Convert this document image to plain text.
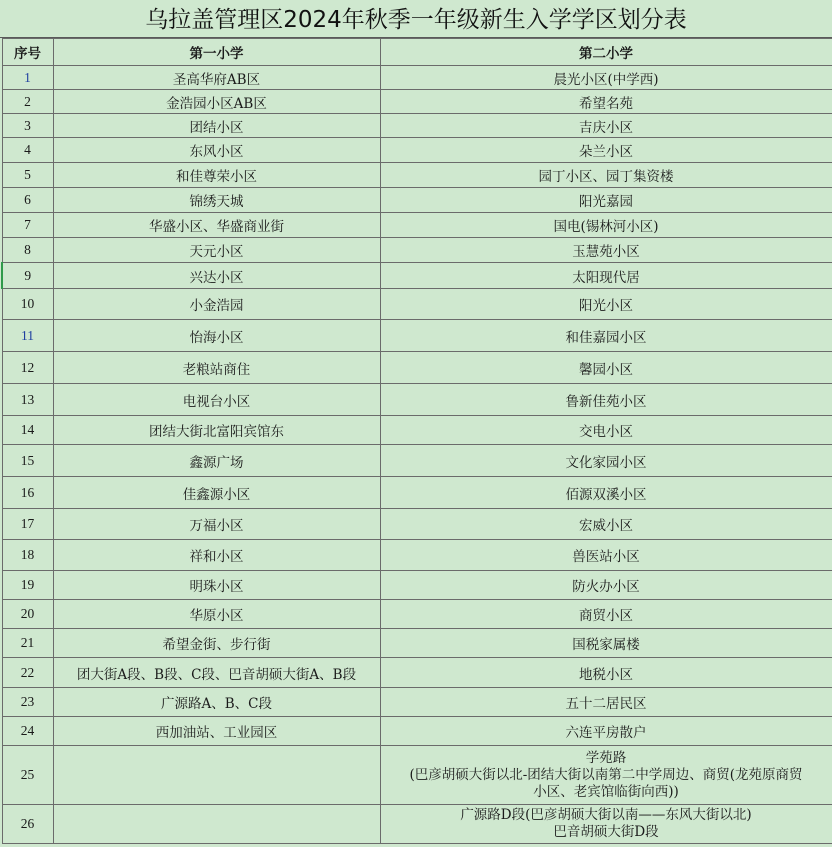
乌拉盖管理区2024年秋季一年级新生入学学区划分表
序号	第一小学	第二小学
1	圣高华府AB区	晨光小区(中学西)
2	金浩园小区AB区	希望名苑
3	团结小区	吉庆小区
4	东风小区	朵兰小区
5	和佳尊荣小区	园丁小区、园丁集资楼
6	锦绣天城	阳光嘉园
7	华盛小区、华盛商业街	国电(锡林河小区)
8	天元小区	玉慧苑小区
9	兴达小区	太阳现代居
10	小金浩园	阳光小区
11	怡海小区	和佳嘉园小区
12	老粮站商住	馨园小区
13	电视台小区	鲁新佳苑小区
14	团结大街北富阳宾馆东	交电小区
15	鑫源广场	文化家园小区
16	佳鑫源小区	佰源双溪小区
17	万福小区	宏威小区
18	祥和小区	兽医站小区
19	明珠小区	防火办小区
20	华原小区	商贸小区
21	希望金街、步行街	国税家属楼
22	团大街A段、B段、C段、巴音胡硕大街A、B段	地税小区
23	广源路A、B、C段	五十二居民区
24	西加油站、工业园区	六连平房散户
25		学苑路
(巴彦胡硕大街以北-团结大街以南第二中学周边、商贸(龙苑原商贸
小区、老宾馆临街向西))

26		广源路D段(巴彦胡硕大街以南——东风大街以北)
巴音胡硕大街D段
